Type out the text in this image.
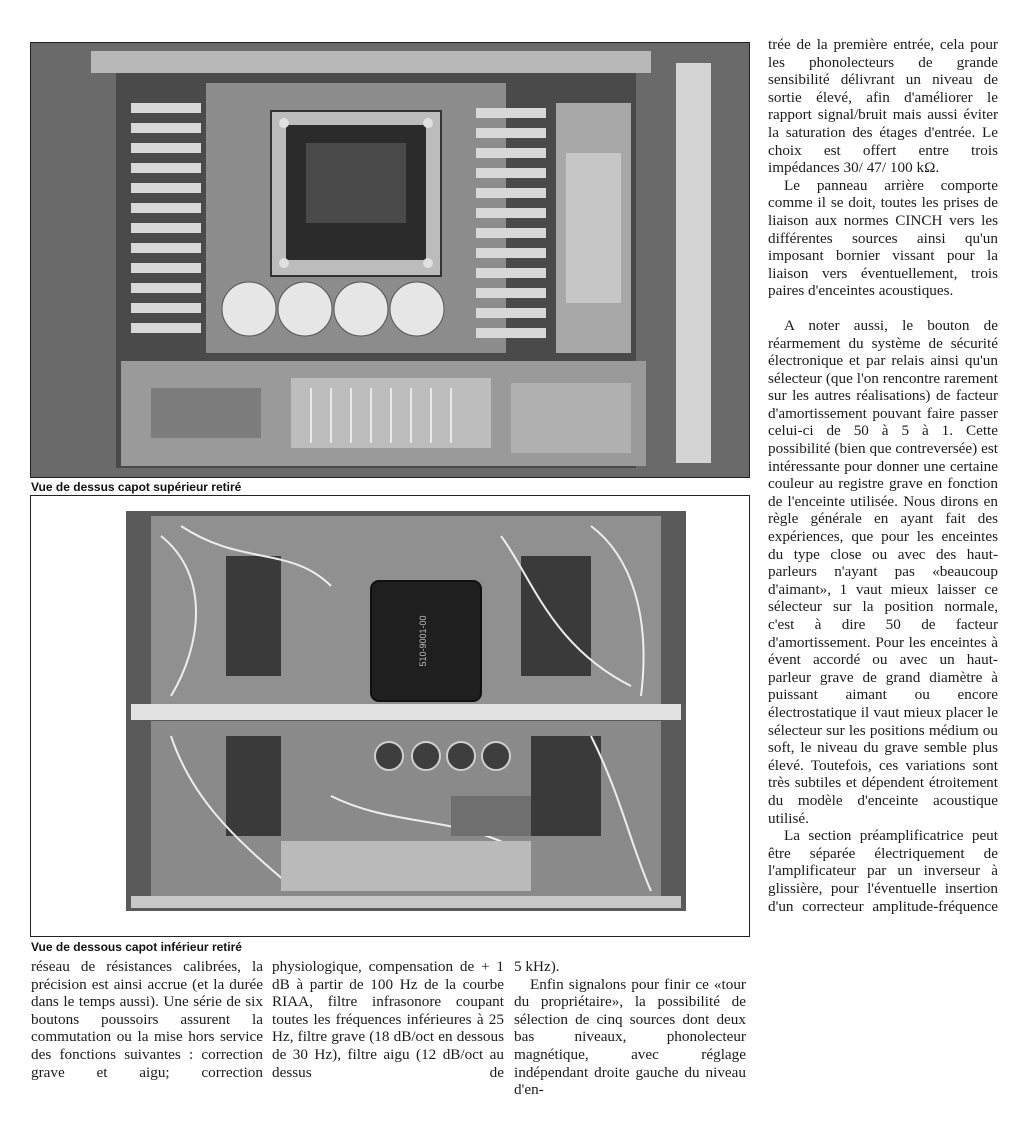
Vue de dessus capot supérieur retiré

510-9001-00

Vue de dessous capot inférieur retiré

réseau de résistances calibrées, la précision est ainsi accrue (et la durée dans le temps aussi). Une série de six boutons poussoirs assurent la commutation ou la mise hors service des fonctions suivantes : correction grave et aigu; correction

physiologique, compensation de + 1 dB à partir de 100 Hz de la courbe RIAA, filtre infrasonore coupant toutes les fréquences inférieures à 25 Hz, filtre grave (18 dB/oct en dessous de 30 Hz), filtre aigu (12 dB/oct au dessus de

5 kHz).

Enfin signalons pour finir ce «tour du propriétaire», la possibilité de sélection de cinq sources dont deux bas niveaux, phonolecteur magnétique, avec réglage indépendant droite gauche du niveau d'en-

trée de la première entrée, cela pour les phonolecteurs de grande sensibilité délivrant un niveau de sortie élevé, afin d'améliorer le rapport signal/bruit mais aussi éviter la saturation des étages d'entrée. Le choix est offert entre trois impédances 30/ 47/ 100 kΩ.

Le panneau arrière comporte comme il se doit, toutes les prises de liaison aux normes CINCH vers les différentes sources ainsi qu'un imposant bornier vissant pour la liaison vers éventuellement, trois paires d'enceintes acoustiques.

A noter aussi, le bouton de réarmement du système de sécurité électronique et par relais ainsi qu'un sélecteur (que l'on rencontre rarement sur les autres réalisations) de facteur d'amortissement pouvant faire passer celui-ci de 50 à 5 à 1. Cette possibilité (bien que contreversée) est intéressante pour donner une certaine couleur au registre grave en fonction de l'enceinte utilisée. Nous dirons en règle générale en ayant fait des expériences, que pour les enceintes du type close ou avec des haut-parleurs n'ayant pas «beaucoup d'aimant», 1 vaut mieux laisser ce sélecteur sur la position normale, c'est à dire 50 de facteur d'amortissement. Pour les enceintes à évent accordé ou avec un haut-parleur grave de grand diamètre à puissant aimant ou encore électrostatique il vaut mieux placer le sélecteur sur les positions médium ou soft, le niveau du grave semble plus élevé. Toutefois, ces variations sont très subtiles et dépendent étroitement du modèle d'enceinte acoustique utilisé.

La section préamplificatrice peut être séparée électriquement de l'amplificateur par un inverseur à glissière, pour l'éventuelle insertion d'un correcteur amplitude-fréquence
